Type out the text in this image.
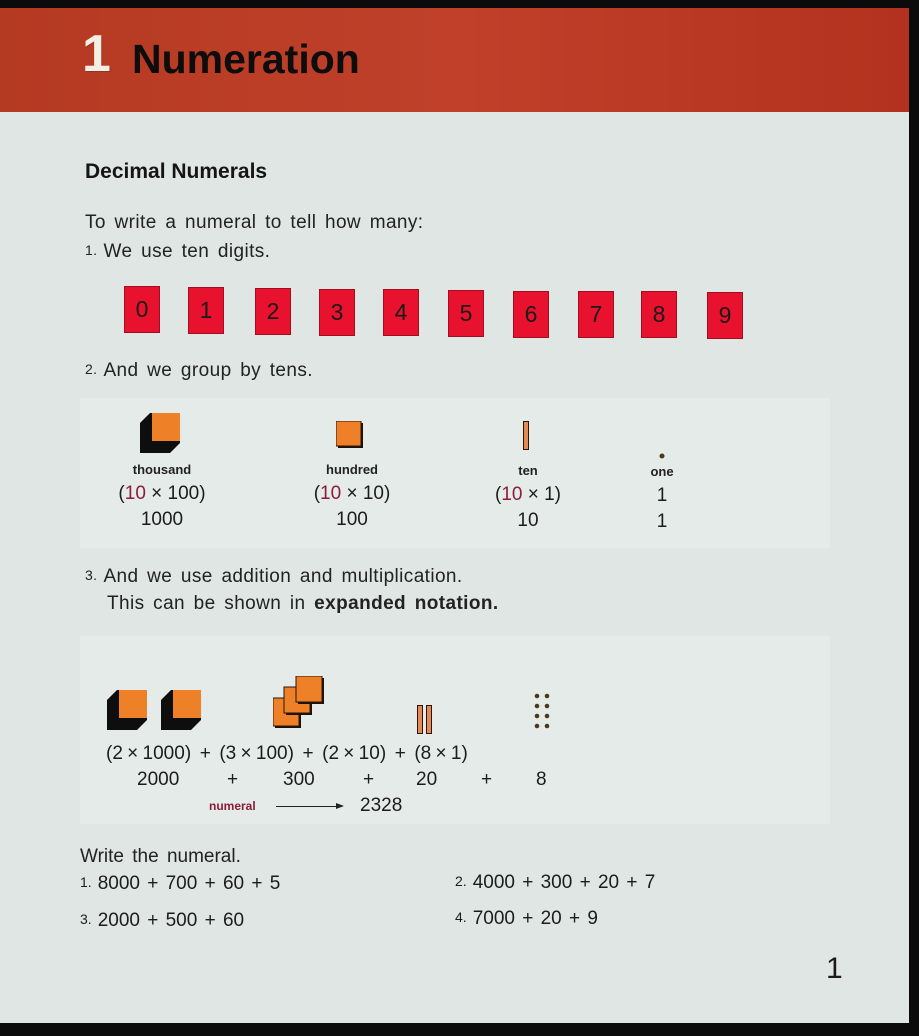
1 Numeration
Decimal Numerals
To write a numeral to tell how many:
1. We use ten digits.
0	1	2	3	4	5	6	7	8	9
2. And we group by tens.
thousand
(10 × 100)
1000
hundred
(10 × 10)
100
ten
(10 × 1)
10
one
1
1
3. And we use addition and multiplication.
This can be shown in expanded notation.
(2 × 1000)  +  (3 × 100)  +  (2 × 10)  +  (8 × 1)
2000	+ 300	+ 20 + 8
numeral	2328
Write the numeral.
1. 8000 + 700 + 60 + 5	2. 4000 + 300 + 20 + 7
3. 2000 + 500 + 60	4. 7000 + 20 + 9
1
